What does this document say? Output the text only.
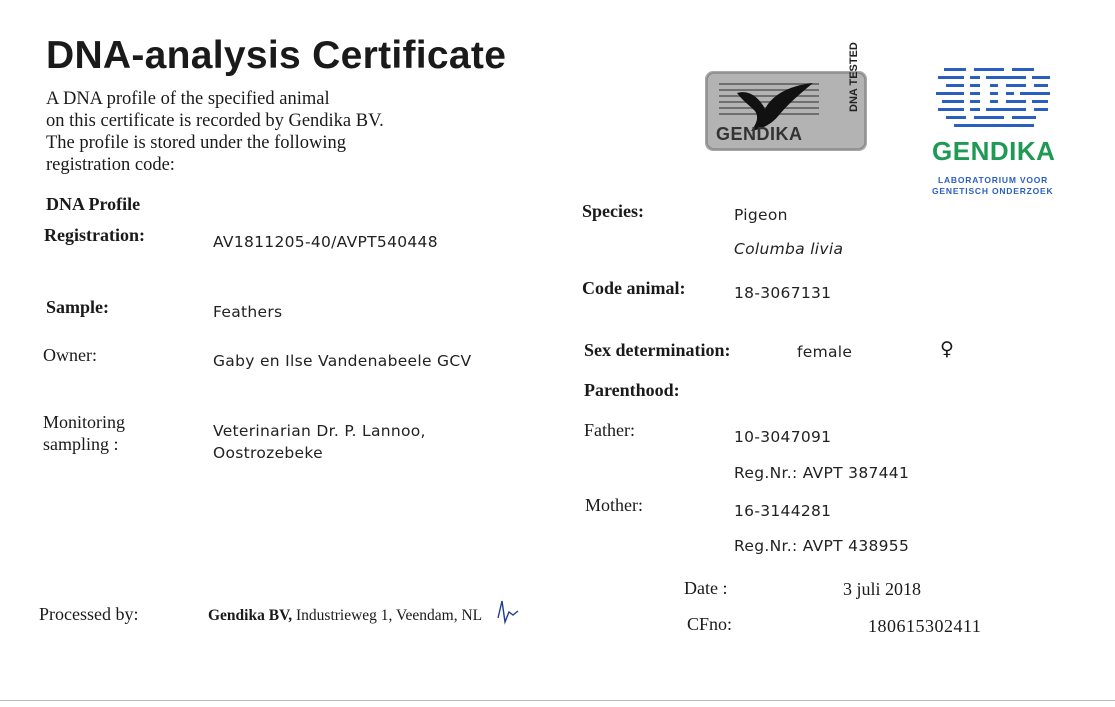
DNA-analysis Certificate
A DNA profile of the specified animal
on this certificate is recorded by Gendika BV.
The profile is stored under the following
registration code:
GENDIKA
DNA TESTED
GENDIKA
LABORATORIUM VOOR
GENETISCH ONDERZOEK
DNA Profile
Registration:	AV1811205-40/AVPT540448
Sample:	Feathers
Owner:	Gaby en Ilse Vandenabeele GCV
Monitoring
sampling :
Veterinarian Dr. P. Lannoo,
Oostrozebeke
Species:	Pigeon
Columba livia
Code animal:	18-3067131
Sex determination:	female	♀
Parenthood:
Father:	10-3047091
Reg.Nr.: AVPT 387441
Mother:	16-3144281
Reg.Nr.: AVPT 438955
Processed by:	Gendika BV, Industrieweg 1, Veendam, NL
Date :	3 juli 2018
CFno:	180615302411
